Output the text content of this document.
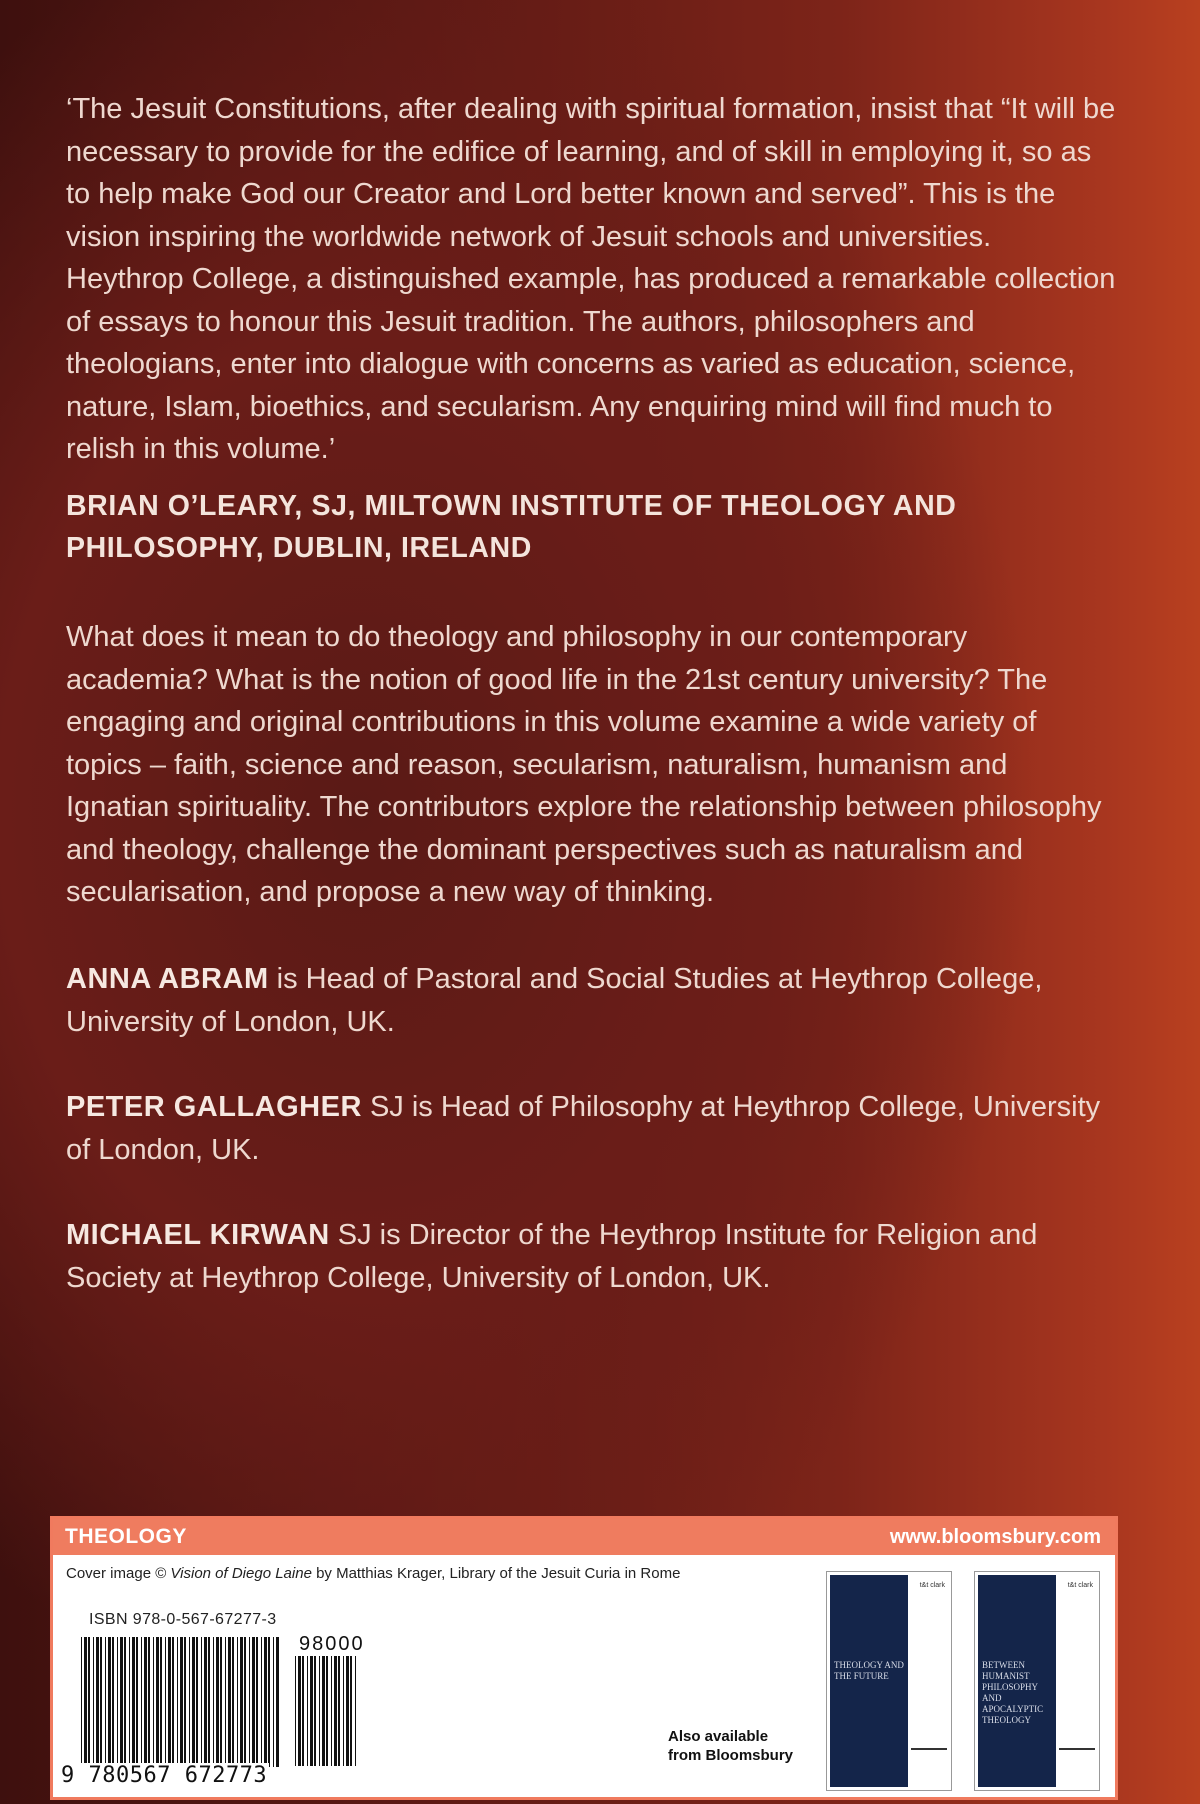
‘The Jesuit Constitutions, after dealing with spiritual formation, insist that “It will be necessary to provide for the edifice of learning, and of skill in employing it, so as to help make God our Creator and Lord better known and served”. This is the vision inspiring the worldwide network of Jesuit schools and universities. Heythrop College, a distinguished example, has produced a remarkable collection of essays to honour this Jesuit tradition. The authors, philosophers and theologians, enter into dialogue with concerns as varied as education, science, nature, Islam, bioethics, and secularism. Any enquiring mind will find much to relish in this volume.’

BRIAN O’LEARY, SJ, MILTOWN INSTITUTE OF THEOLOGY AND PHILOSOPHY, DUBLIN, IRELAND

What does it mean to do theology and philosophy in our contemporary academia? What is the notion of good life in the 21st century university? The engaging and original contributions in this volume examine a wide variety of topics – faith, science and reason, secularism, naturalism, humanism and Ignatian spirituality. The contributors explore the relationship between philosophy and theology, challenge the dominant perspectives such as naturalism and secularisation, and propose a new way of thinking.

ANNA ABRAM is Head of Pastoral and Social Studies at Heythrop College, University of London, UK.

PETER GALLAGHER SJ is Head of Philosophy at Heythrop College, University of London, UK.

MICHAEL KIRWAN SJ is Director of the Heythrop Institute for Religion and Society at Heythrop College, University of London, UK.

THEOLOGY	www.bloomsbury.com
Cover image © Vision of Diego Laine by Matthias Krager, Library of the Jesuit Curia in Rome
ISBN 978-0-567-67277-3
98000
9 780567 672773
Also available
from Bloomsbury
t&t clark
THEOLOGY AND THE FUTURE
t&t clark
BETWEEN HUMANIST PHILOSOPHY AND APOCALYPTIC THEOLOGY
